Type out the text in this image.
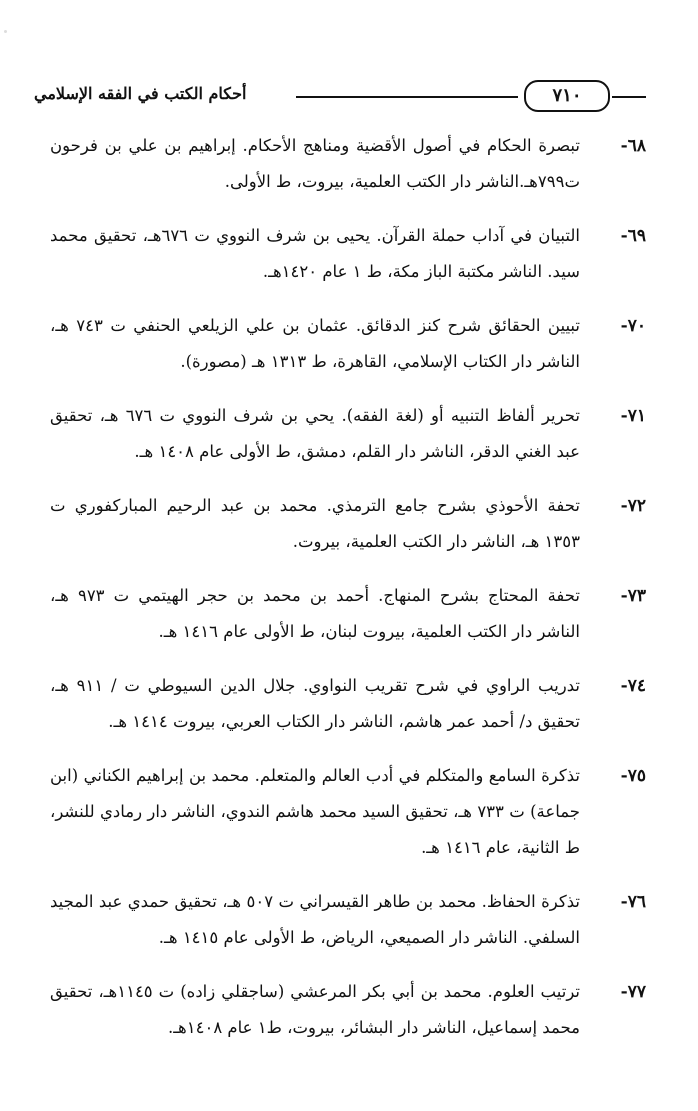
أحكام الكتب في الفقه الإسلامي	٧١٠
٦٨-
تبصرة الحكام في أصول الأقضية ومناهج الأحكام. إبراهيم بن علي بن فرحون ت٧٩٩هـ.الناشر دار الكتب العلمية، بيروت، ط الأولى.
٦٩-
التبيان في آداب حملة القرآن. يحيى بن شرف النووي ت ٦٧٦هـ، تحقيق محمد سيد. الناشر مكتبة الباز مكة، ط ١ عام ١٤٢٠هـ.
٧٠-
تبيين الحقائق شرح كنز الدقائق. عثمان بن علي الزيلعي الحنفي ت ٧٤٣ هـ، الناشر دار الكتاب الإسلامي، القاهرة، ط ١٣١٣ هـ (مصورة).
٧١-
تحرير ألفاظ التنبيه أو (لغة الفقه). يحي بن شرف النووي ت ٦٧٦ هـ، تحقيق عبد الغني الدقر، الناشر دار القلم، دمشق، ط الأولى عام ١٤٠٨ هـ.
٧٢-
تحفة الأحوذي بشرح جامع الترمذي. محمد بن عبد الرحيم المباركفوري ت ١٣٥٣ هـ، الناشر دار الكتب العلمية، بيروت.
٧٣-
تحفة المحتاج بشرح المنهاج. أحمد بن محمد بن حجر الهيتمي ت ٩٧٣ هـ، الناشر دار الكتب العلمية، بيروت لبنان، ط الأولى عام ١٤١٦ هـ.
٧٤-
تدريب الراوي في شرح تقريب النواوي. جلال الدين السيوطي ت / ٩١١ هـ، تحقيق د/ أحمد عمر هاشم، الناشر دار الكتاب العربي، بيروت ١٤١٤ هـ.
٧٥-
تذكرة السامع والمتكلم في أدب العالم والمتعلم. محمد بن إبراهيم الكناني (ابن جماعة) ت ٧٣٣ هـ، تحقيق السيد محمد هاشم الندوي، الناشر دار رمادي للنشر، ط الثانية، عام ١٤١٦ هـ.
٧٦-
تذكرة الحفاظ. محمد بن طاهر القيسراني ت ٥٠٧ هـ، تحقيق حمدي عبد المجيد السلفي. الناشر دار الصميعي، الرياض، ط الأولى عام ١٤١٥ هـ.
٧٧-
ترتيب العلوم. محمد بن أبي بكر المرعشي (ساجقلي زاده) ت ١١٤٥هـ، تحقيق محمد إسماعيل، الناشر دار البشائر، بيروت، ط١ عام ١٤٠٨هـ.
